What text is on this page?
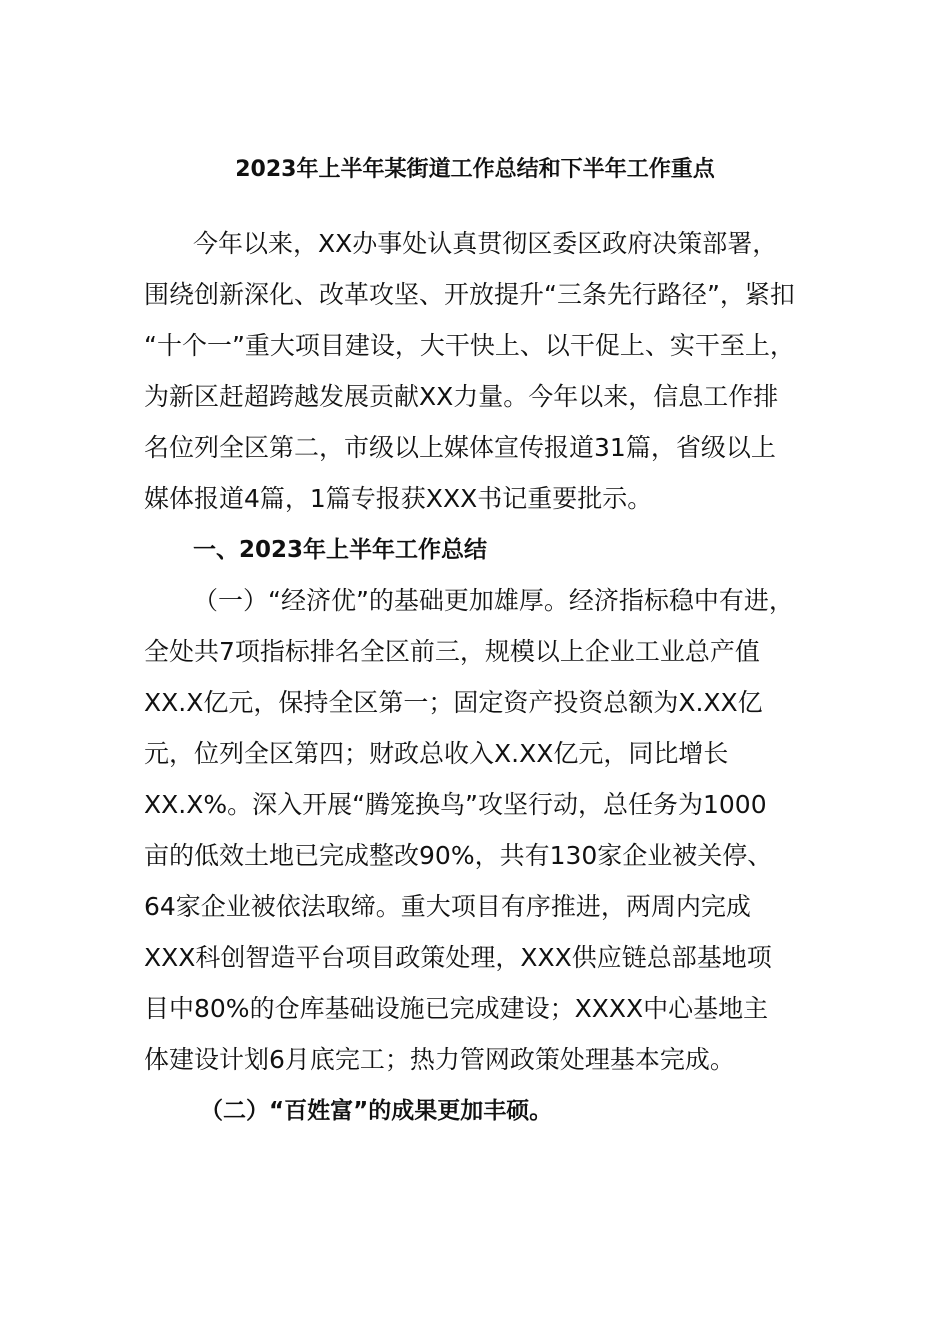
2023年上半年某街道工作总结和下半年工作重点
今年以来，XX办事处认真贯彻区委区政府决策部署，
围绕创新深化、改革攻坚、开放提升“三条先行路径”，紧扣
“十个一”重大项目建设，大干快上、以干促上、实干至上，
为新区赶超跨越发展贡献XX力量。今年以来，信息工作排
名位列全区第二，市级以上媒体宣传报道31篇，省级以上
媒体报道4篇，1篇专报获XXX书记重要批示。
一、2023年上半年工作总结
（一）“经济优”的基础更加雄厚。经济指标稳中有进，
全处共7项指标排名全区前三，规模以上企业工业总产值
XX.X亿元，保持全区第一；固定资产投资总额为X.XX亿
元，位列全区第四；财政总收入X.XX亿元，同比增长
XX.X%。深入开展“腾笼换鸟”攻坚行动，总任务为1000
亩的低效土地已完成整改90%，共有130家企业被关停、
64家企业被依法取缔。重大项目有序推进，两周内完成
XXX科创智造平台项目政策处理，XXX供应链总部基地项
目中80%的仓库基础设施已完成建设；XXXX中心基地主
体建设计划6月底完工；热力管网政策处理基本完成。
（二）“百姓富”的成果更加丰硕。
